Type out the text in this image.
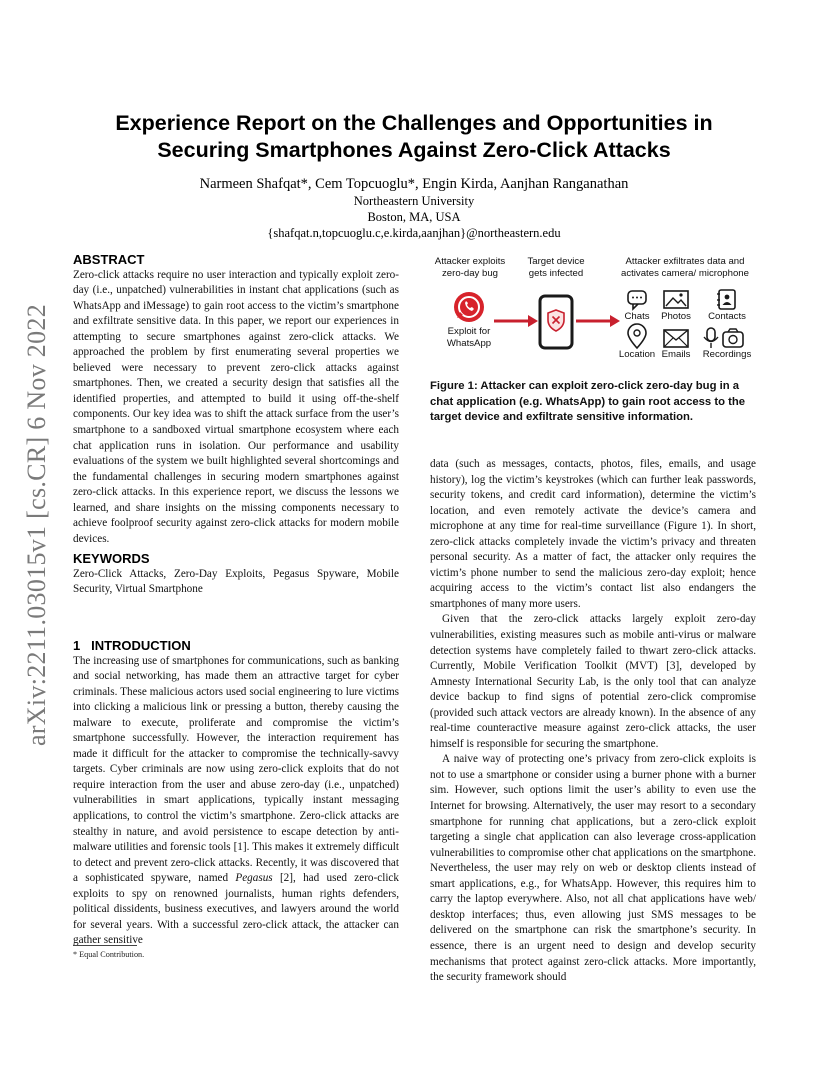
arXiv:2211.03015v1 [cs.CR] 6 Nov 2022
Experience Report on the Challenges and Opportunities in
Securing Smartphones Against Zero-Click Attacks
Narmeen Shafqat*, Cem Topcuoglu*, Engin Kirda, Aanjhan Ranganathan
Northeastern University
Boston, MA, USA
{shafqat.n,topcuoglu.c,e.kirda,aanjhan}@northeastern.edu
ABSTRACT

Zero-click attacks require no user interaction and typically exploit zero-day (i.e., unpatched) vulnerabilities in instant chat applications (such as WhatsApp and iMessage) to gain root access to the victim’s smartphone and exfiltrate sensitive data. In this paper, we report our experiences in attempting to secure smartphones against zero-click attacks. We approached the problem by first enumerating several properties we believed were necessary to prevent zero-click attacks against smartphones. Then, we created a security design that satisfies all the identified properties, and attempted to build it using off-the-shelf components. Our key idea was to shift the attack surface from the user’s smartphone to a sandboxed virtual smartphone ecosystem where each chat application runs in isolation. Our performance and usability evaluations of the system we built highlighted several shortcomings and the fundamental challenges in securing modern smartphones against zero-click attacks. In this experience report, we discuss the lessons we learned, and share insights on the missing components necessary to achieve foolproof security against zero-click attacks for modern mobile devices.

KEYWORDS

Zero-Click Attacks, Zero-Day Exploits, Pegasus Spyware, Mobile Security, Virtual Smartphone

1 INTRODUCTION

The increasing use of smartphones for communications, such as banking and social networking, has made them an attractive target for cyber criminals. These malicious actors used social engineering to lure victims into clicking a malicious link or pressing a button, thereby causing the malware to execute, proliferate and compromise the victim’s smartphone successfully. However, the interaction requirement has made it difficult for the attacker to compromise the technically-savvy targets. Cyber criminals are now using zero-click exploits that do not require interaction from the user and abuse zero-day (i.e., unpatched) vulnerabilities in smart applications, typically instant messaging applications, to control the victim’s smartphone. Zero-click attacks are stealthy in nature, and avoid persistence to escape detection by anti-malware utilities and forensic tools [1]. This makes it extremely difficult to detect and prevent zero-click attacks. Recently, it was discovered that a sophisticated spyware, named Pegasus [2], had used zero-click exploits to spy on renowned journalists, human rights defenders, political dissidents, business executives, and lawyers around the world for several years. With a successful zero-click attack, the attacker can gather sensitive

* Equal Contribution.
Attacker exploits zero-day bug
Target device gets infected
Attacker exfiltrates data and activates camera/ microphone
Exploit for WhatsApp
Chats	Photos	Contacts
Location Emails	Recordings
Figure 1: Attacker can exploit zero-click zero-day bug in a chat application (e.g. WhatsApp) to gain root access to the target device and exfiltrate sensitive information.

data (such as messages, contacts, photos, files, emails, and usage history), log the victim’s keystrokes (which can further leak passwords, security tokens, and credit card information), determine the victim’s location, and even remotely activate the device’s camera and microphone at any time for real-time surveillance (Figure 1). In short, zero-click attacks completely invade the victim’s privacy and threaten personal security. As a matter of fact, the attacker only requires the victim’s phone number to send the malicious zero-day exploit; hence acquiring access to the victim’s contact list also endangers the smartphones of many more users.

Given that the zero-click attacks largely exploit zero-day vulnerabilities, existing measures such as mobile anti-virus or malware detection systems have completely failed to thwart zero-click attacks. Currently, Mobile Verification Toolkit (MVT) [3], developed by Amnesty International Security Lab, is the only tool that can analyze device backup to find signs of potential zero-click compromise (provided such attack vectors are already known). In the absence of any real-time counteractive measure against zero-click attacks, the user himself is responsible for securing the smartphone.

A naive way of protecting one’s privacy from zero-click exploits is not to use a smartphone or consider using a burner phone with a burner sim. However, such options limit the user’s ability to even use the Internet for browsing. Alternatively, the user may resort to a secondary smartphone for running chat applications, but a zero-click exploit targeting a single chat application can also leverage cross-application vulnerabilities to compromise other chat applications on the smartphone. Nevertheless, the user may rely on web or desktop clients instead of smart applications, e.g., for WhatsApp. However, this requires him to carry the laptop everywhere. Also, not all chat applications have web/ desktop interfaces; thus, even allowing just SMS messages to be delivered on the smartphone can risk the smartphone’s security. In essence, there is an urgent need to design and develop security mechanisms that protect against zero-click attacks. More importantly, the security framework should
